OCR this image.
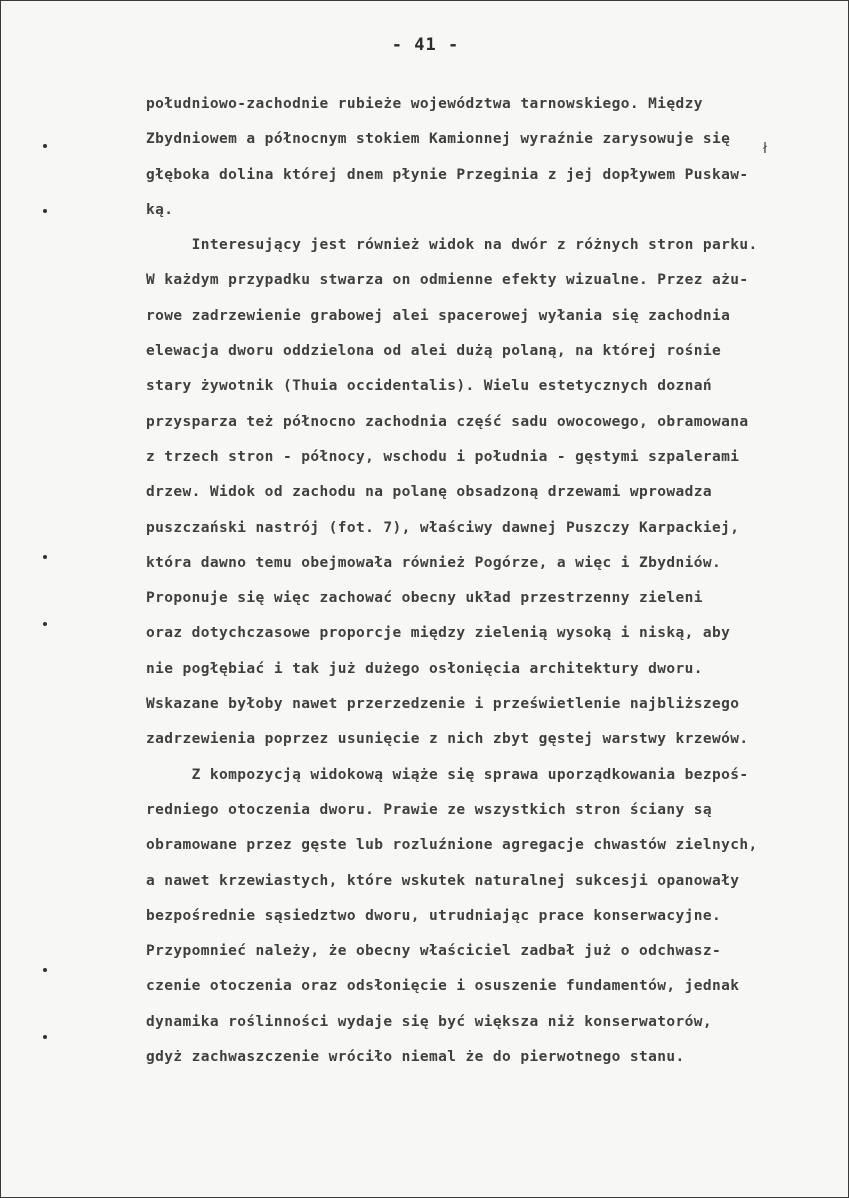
- 41 -
południowo-zachodnie rubieże województwa tarnowskiego. Między
Zbydniowem a północnym stokiem Kamionnej wyraźnie zarysowuje się
głęboka dolina której dnem płynie Przeginia z jej dopływem Puskaw-
ką.
Interesujący jest również widok na dwór z różnych stron parku.
W każdym przypadku stwarza on odmienne efekty wizualne. Przez ażu-
rowe zadrzewienie grabowej alei spacerowej wyłania się zachodnia
elewacja dworu oddzielona od alei dużą polaną, na której rośnie
stary żywotnik (Thuia occidentalis). Wielu estetycznych doznań
przysparza też północno zachodnia część sadu owocowego, obramowana
z trzech stron - północy, wschodu i południa - gęstymi szpalerami
drzew. Widok od zachodu na polanę obsadzoną drzewami wprowadza
puszczański nastrój (fot. 7), właściwy dawnej Puszczy Karpackiej,
która dawno temu obejmowała również Pogórze, a więc i Zbydniów.
Proponuje się więc zachować obecny układ przestrzenny zieleni
oraz dotychczasowe proporcje między zielenią wysoką i niską, aby
nie pogłębiać i tak już dużego osłonięcia architektury dworu.
Wskazane byłoby nawet przerzedzenie i prześwietlenie najbliższego
zadrzewienia poprzez usunięcie z nich zbyt gęstej warstwy krzewów.
Z kompozycją widokową wiąże się sprawa uporządkowania bezpoś-
redniego otoczenia dworu. Prawie ze wszystkich stron ściany są
obramowane przez gęste lub rozluźnione agregacje chwastów zielnych,
a nawet krzewiastych, które wskutek naturalnej sukcesji opanowały
bezpośrednie sąsiedztwo dworu, utrudniając prace konserwacyjne.
Przypomnieć należy, że obecny właściciel zadbał już o odchwasz-
czenie otoczenia oraz odsłonięcie i osuszenie fundamentów, jednak
dynamika roślinności wydaje się być większa niż konserwatorów,
gdyż zachwaszczenie wróciło niemal że do pierwotnego stanu.
ł
